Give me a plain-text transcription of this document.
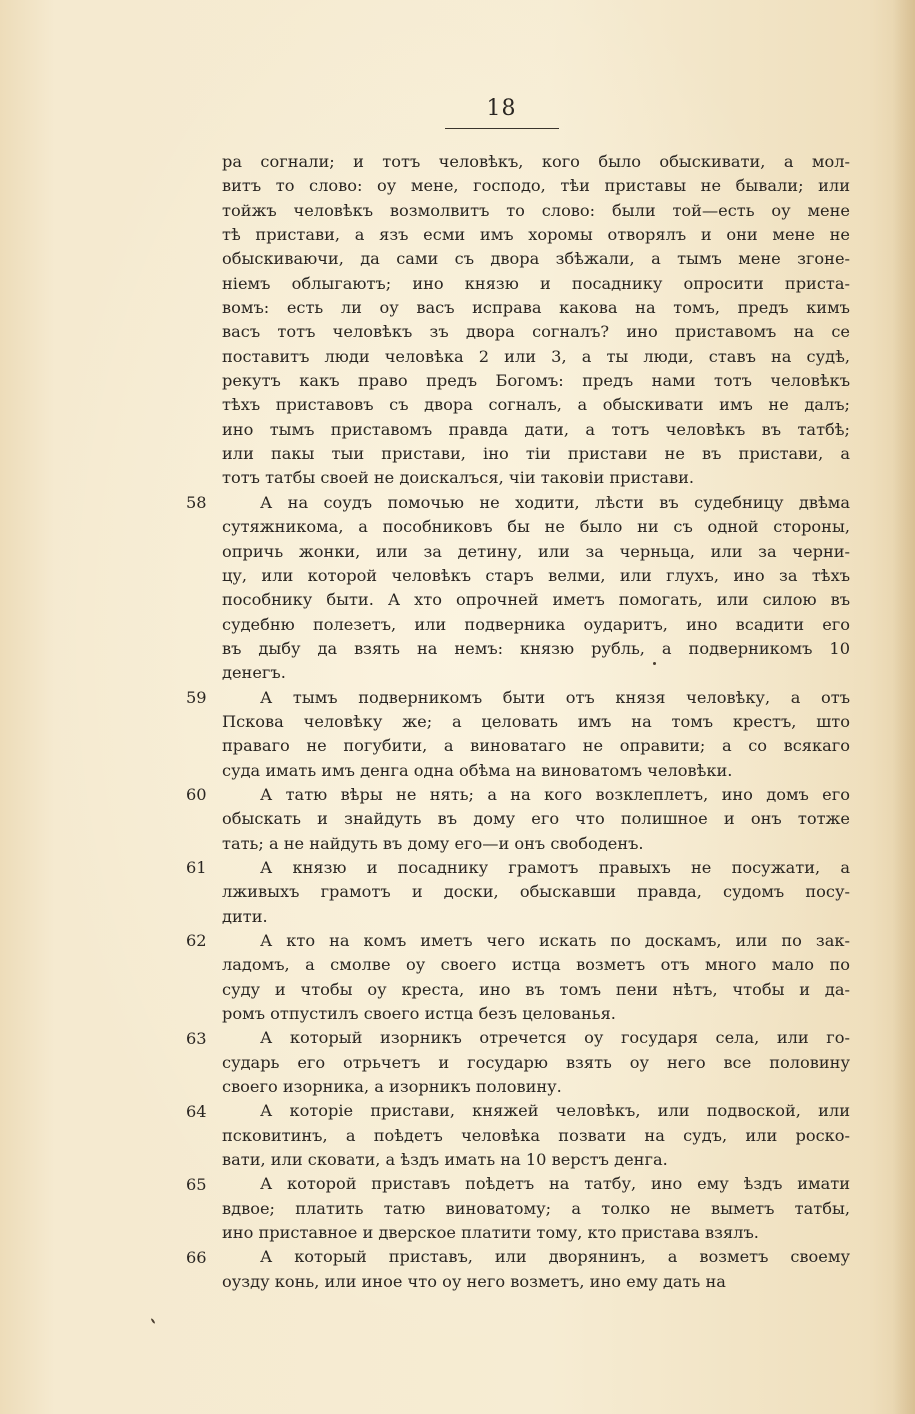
18
ра согнали; и тотъ человѣкъ, кого было обыскивати, а мол-
витъ то слово: оу мене, господо, тѣи приставы не бывали; или
тойжъ человѣкъ возмолвитъ то слово: были той—есть оу мене
тѣ пристави, а язъ есми имъ хоромы отворялъ и они мене не
обыскиваючи, да сами съ двора збѣжали, а тымъ мене згоне-
нiемъ облыгаютъ; ино князю и посаднику опросити приста-
вомъ: есть ли оу васъ исправа какова на томъ, предъ кимъ
васъ тотъ человѣкъ зъ двора согналъ? ино приставомъ на се
поставитъ люди человѣка 2 или 3, а ты люди, ставъ на судѣ,
рекутъ какъ право предъ Богомъ: предъ нами тотъ человѣкъ
тѣхъ приставовъ съ двора согналъ, а обыскивати имъ не далъ;
ино тымъ приставомъ правда дати, а тотъ человѣкъ въ татбѣ;
или пакы тыи пристави, iно тiи пристави не въ пристави, а
тотъ татбы своей не доискалъся, чiи таковiи пристави.
А на соудъ помочью не ходити, лѣсти въ судебницу двѣма
сутяжникома, а пособниковъ бы не было ни съ одной стороны,
опричь жонки, или за детину, или за черньца, или за черни-
цу, или которой человѣкъ старъ велми, или глухъ, ино за тѣхъ
пособнику быти. А хто опрочней иметъ помогать, или силою въ
судебню полезетъ, или подверника оударитъ, ино всадити его
въ дыбу да взять на немъ: князю рубль, а подверникомъ 10
денегъ.
А тымъ подверникомъ быти отъ князя человѣку, а отъ
Пскова человѣку же; а целовать имъ на томъ крестъ, што
праваго не погубити, а виноватаго не оправити; а со всякаго
суда имать имъ денга одна обѣма на виноватомъ человѣки.
А татю вѣры не нять; а на кого возклеплетъ, ино домъ его
обыскать и знайдуть въ дому его что полишное и онъ тотже
тать; а не найдуть въ дому его—и онъ свободенъ.
А князю и посаднику грамотъ правыхъ не посужати, а
лживыхъ грамотъ и доски, обыскавши правда, судомъ посу-
дити.
А кто на комъ иметъ чего искать по доскамъ, или по зак-
ладомъ, а смолве оу своего истца возметъ отъ много мало по
суду и чтобы оу креста, ино въ томъ пени нѣтъ, чтобы и да-
ромъ отпустилъ своего истца безъ целованья.
А который изорникъ отречется оу государя села, или го-
сударь его отрьчетъ и государю взять оу него все половину
своего изорника, а изорникъ половину.
А которiе пристави, княжей человѣкъ, или подвоской, или
псковитинъ, а поѣдетъ человѣка позвати на судъ, или роско-
вати, или сковати, а ѣздъ имать на 10 верстъ денга.
А которой приставъ поѣдетъ на татбу, ино ему ѣздъ имати
вдвое; платить татю виноватому; а толко не выметъ татбы,
ино приставное и дверское платити тому, кто пристава взялъ.
А который приставъ, или дворянинъ, а возметъ своему
оузду конь, или иное что оу него возметъ, ино ему дать на
58
59
60
61
62
63
64
65
66
